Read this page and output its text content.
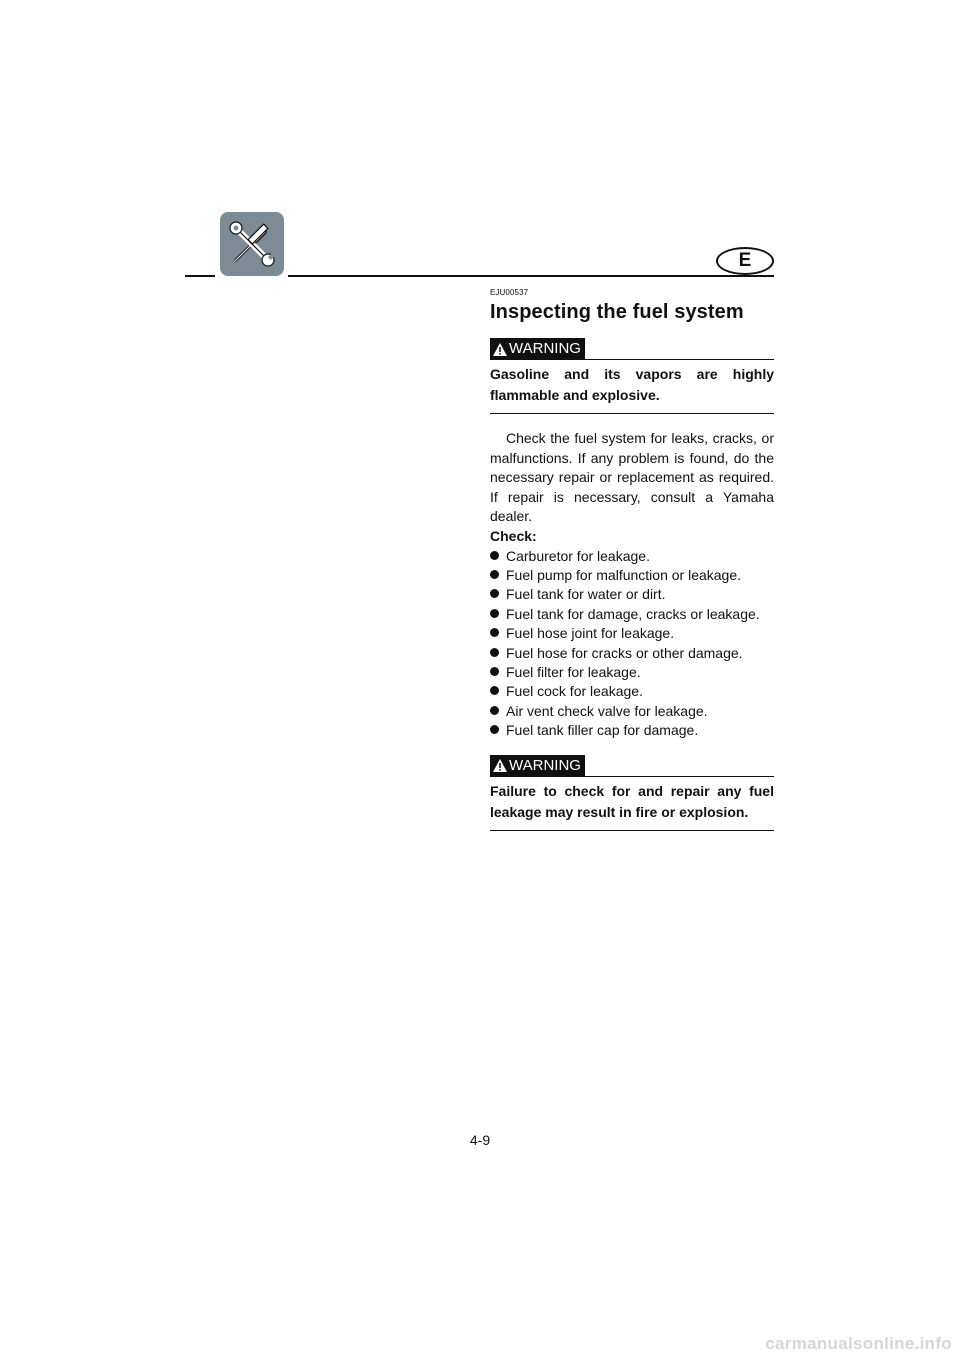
E

EJU00537

Inspecting the fuel system
WARNING

Gasoline and its vapors are highly flammable and explosive.

Check the fuel system for leaks, cracks, or malfunctions. If any problem is found, do the necessary repair or replacement as required. If repair is necessary, consult a Yamaha dealer.

Check:

Carburetor for leakage.
Fuel pump for malfunction or leakage.
Fuel tank for water or dirt.
Fuel tank for damage, cracks or leakage.
Fuel hose joint for leakage.
Fuel hose for cracks or other damage.
Fuel filter for leakage.
Fuel cock for leakage.
Air vent check valve for leakage.
Fuel tank filler cap for damage.
WARNING

Failure to check for and repair any fuel leakage may result in fire or explosion.

4-9
carmanualsonline.info
